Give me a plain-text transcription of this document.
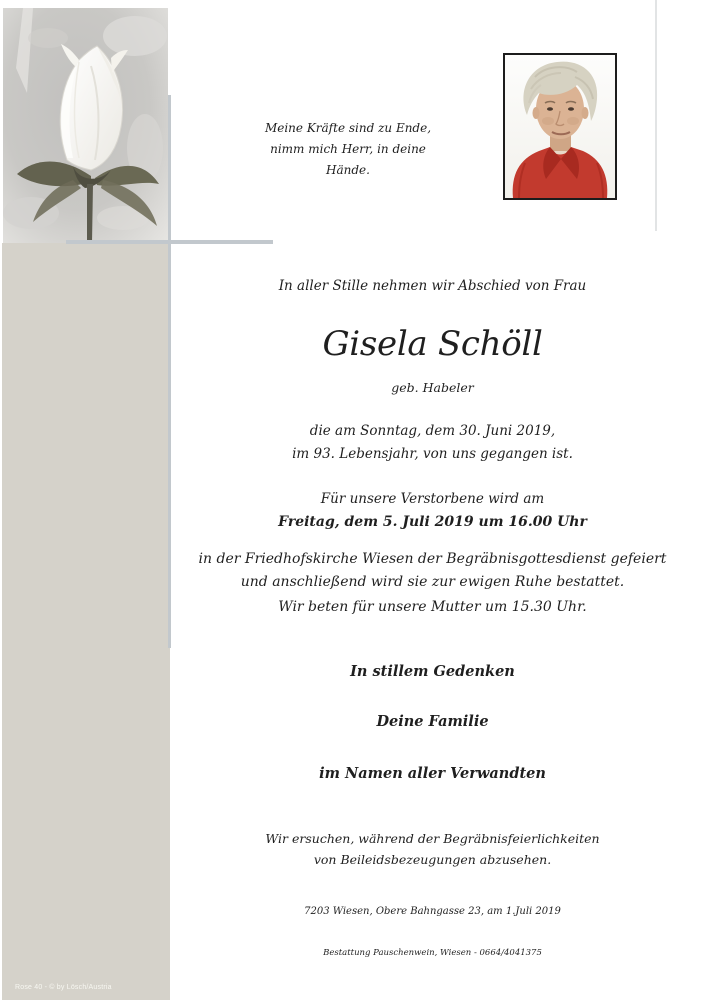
Meine Kräfte sind zu Ende,
nimm mich Herr, in deine Hände.
In aller Stille nehmen wir Abschied von Frau
Gisela Schöll
geb. Habeler
die am Sonntag, dem 30. Juni 2019,
im 93. Lebensjahr, von uns gegangen ist.
Für unsere Verstorbene wird am
Freitag, dem 5. Juli 2019 um 16.00 Uhr
in der Friedhofskirche Wiesen der Begräbnisgottesdienst gefeiert
und anschließend wird sie zur ewigen Ruhe bestattet.
Wir beten für unsere Mutter um 15.30 Uhr.
In stillem Gedenken
Deine Familie
im Namen aller Verwandten
Wir ersuchen, während der Begräbnisfeierlichkeiten
von Beileidsbezeugungen abzusehen.
7203 Wiesen, Obere Bahngasse 23, am 1.Juli 2019
Bestattung Pauschenwein, Wiesen - 0664/4041375
Rose 40 - © by Lösch/Austria
